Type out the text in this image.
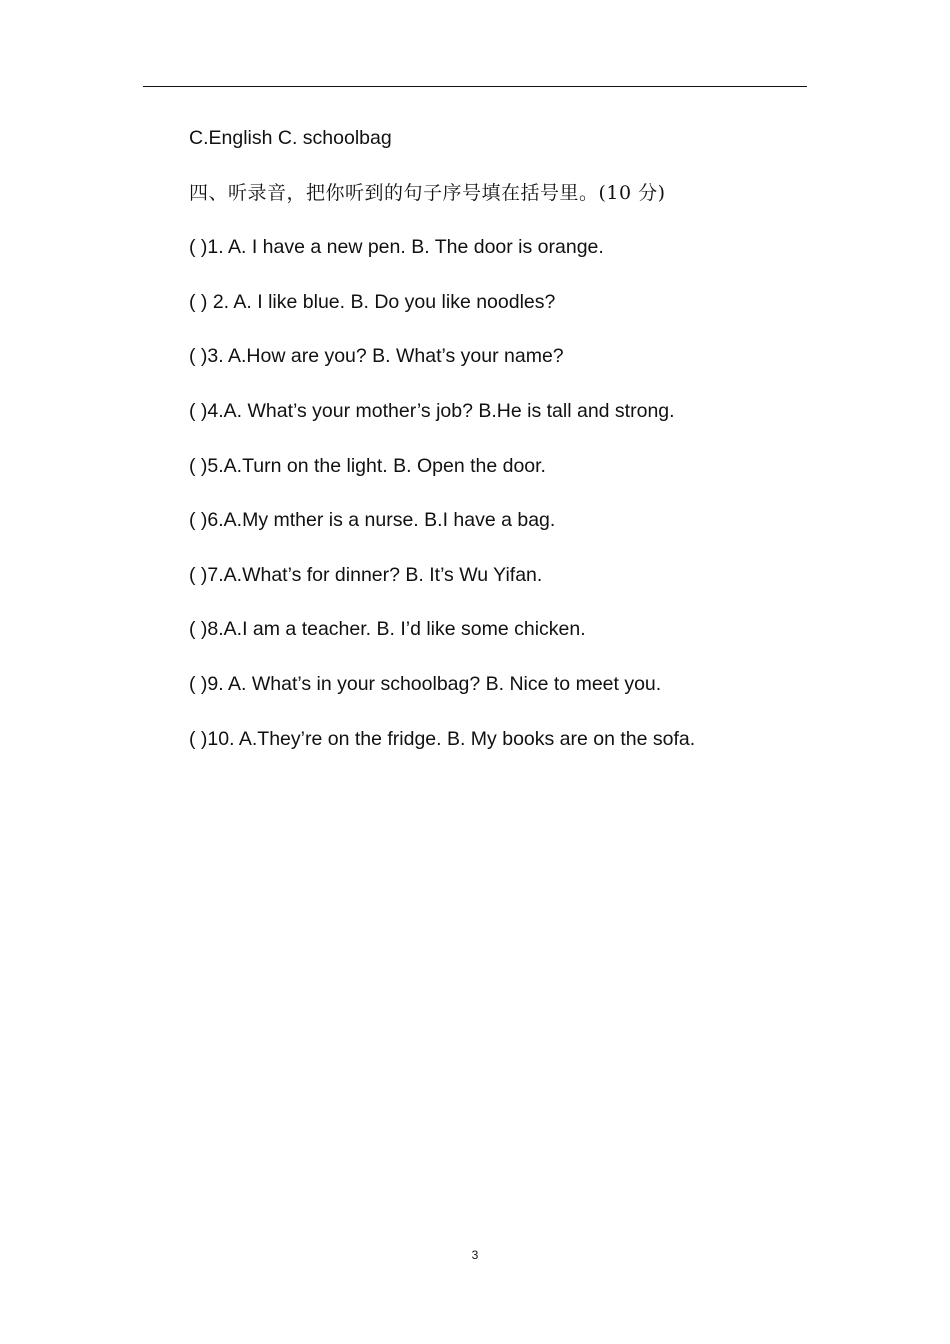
C.English C. schoolbag
四、听录音，把你听到的句子序号填在括号里。(10 分)
( )1. A. I have a new pen. B. The door is orange.
( ) 2. A. I like blue. B. Do you like noodles?
( )3. A.How are you? B. What’s your name?
( )4.A. What’s your mother’s job? B.He is tall and strong.
( )5.A.Turn on the light. B. Open the door.
( )6.A.My mther is a nurse. B.I have a bag.
( )7.A.What’s for dinner? B. It’s Wu Yifan.
( )8.A.I am a teacher. B. I’d like some chicken.
( )9. A. What’s in your schoolbag? B. Nice to meet you.
( )10. A.They’re on the fridge. B. My books are on the sofa.
3
